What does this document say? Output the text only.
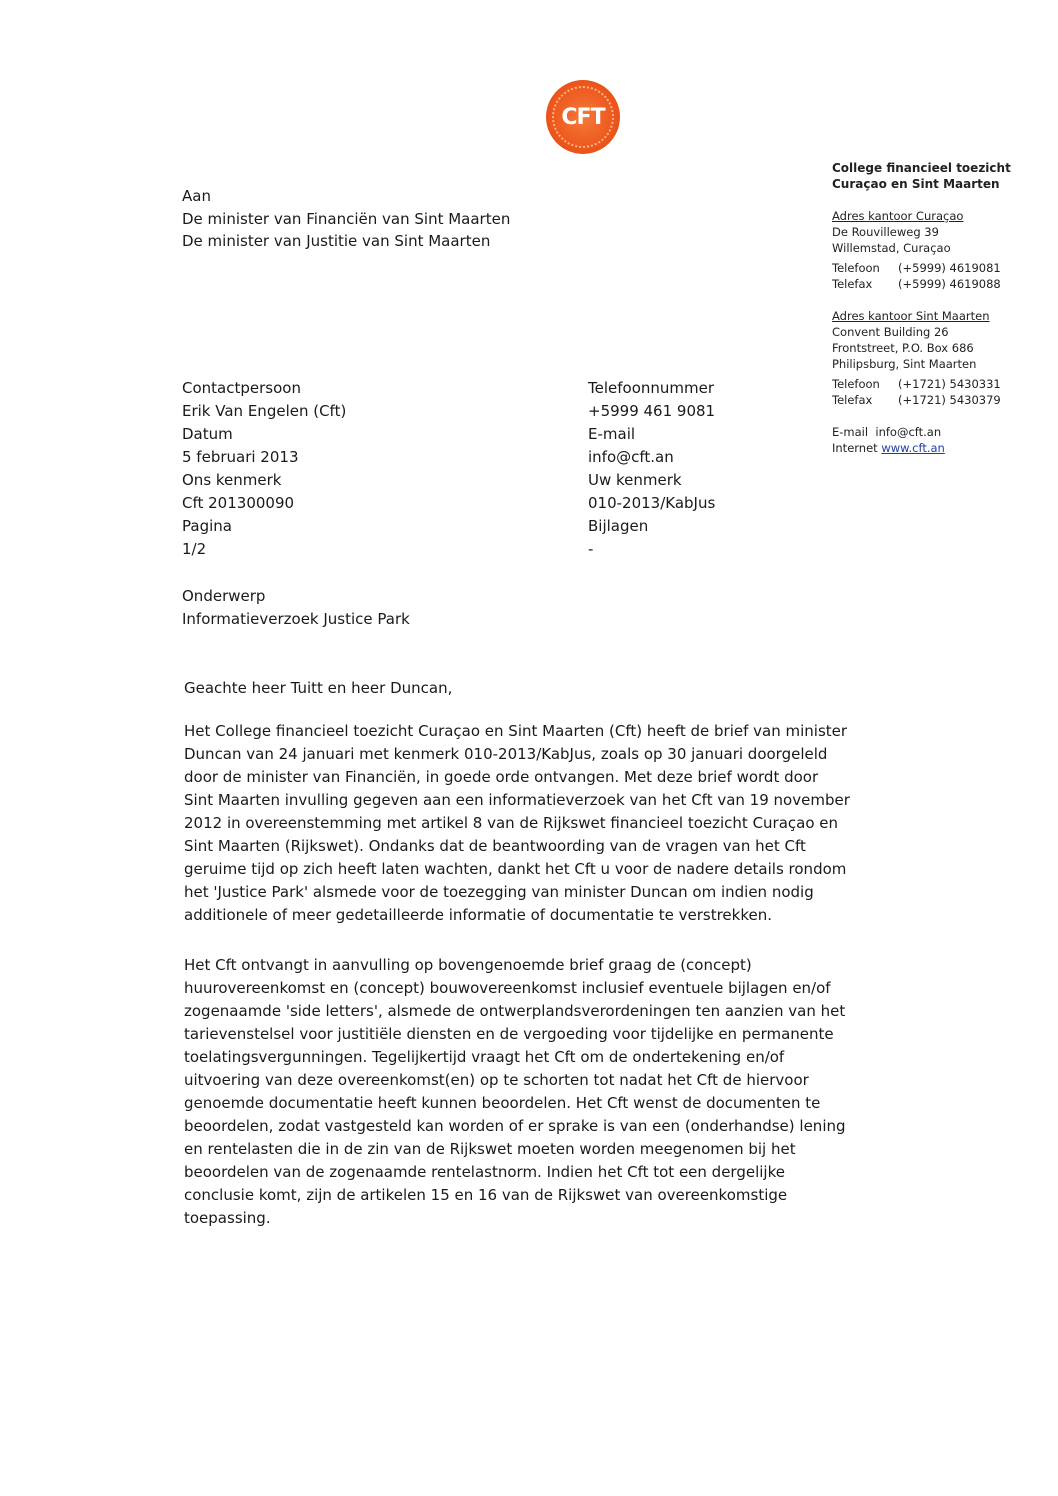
CFT
College financieel toezicht
Curaçao en Sint Maarten
Adres kantoor Curaçao
De Rouvilleweg 39
Willemstad, Curaçao
Telefoon	(+5999) 4619081
Telefax	(+5999) 4619088
Adres kantoor Sint Maarten
Convent Building 26
Frontstreet, P.O. Box 686
Philipsburg, Sint Maarten
Telefoon	(+1721) 5430331
Telefax	(+1721) 5430379
E-mail info@cft.an
Internet www.cft.an
Aan
De minister van Financiën van Sint Maarten
De minister van Justitie van Sint Maarten
Contactpersoon
Erik Van Engelen (Cft)
Datum
5 februari 2013
Ons kenmerk
Cft 201300090
Pagina
1/2
Telefoonnummer
+5999 461 9081
E-mail
info@cft.an
Uw kenmerk
010-2013/KabJus
Bijlagen
-
Onderwerp
Informatieverzoek Justice Park
Geachte heer Tuitt en heer Duncan,

Het College financieel toezicht Curaçao en Sint Maarten (Cft) heeft de brief van minister
Duncan van 24 januari met kenmerk 010-2013/KabJus, zoals op 30 januari doorgeleld
door de minister van Financiën, in goede orde ontvangen. Met deze brief wordt door
Sint Maarten invulling gegeven aan een informatieverzoek van het Cft van 19 november
2012 in overeenstemming met artikel 8 van de Rijkswet financieel toezicht Curaçao en
Sint Maarten (Rijkswet). Ondanks dat de beantwoording van de vragen van het Cft
geruime tijd op zich heeft laten wachten, dankt het Cft u voor de nadere details rondom
het 'Justice Park' alsmede voor de toezegging van minister Duncan om indien nodig
additionele of meer gedetailleerde informatie of documentatie te verstrekken.

Het Cft ontvangt in aanvulling op bovengenoemde brief graag de (concept)
huurovereenkomst en (concept) bouwovereenkomst inclusief eventuele bijlagen en/of
zogenaamde 'side letters', alsmede de ontwerplandsverordeningen ten aanzien van het
tarievenstelsel voor justitiële diensten en de vergoeding voor tijdelijke en permanente
toelatingsvergunningen. Tegelijkertijd vraagt het Cft om de ondertekening en/of
uitvoering van deze overeenkomst(en) op te schorten tot nadat het Cft de hiervoor
genoemde documentatie heeft kunnen beoordelen. Het Cft wenst de documenten te
beoordelen, zodat vastgesteld kan worden of er sprake is van een (onderhandse) lening
en rentelasten die in de zin van de Rijkswet moeten worden meegenomen bij het
beoordelen van de zogenaamde rentelastnorm. Indien het Cft tot een dergelijke
conclusie komt, zijn de artikelen 15 en 16 van de Rijkswet van overeenkomstige
toepassing.
